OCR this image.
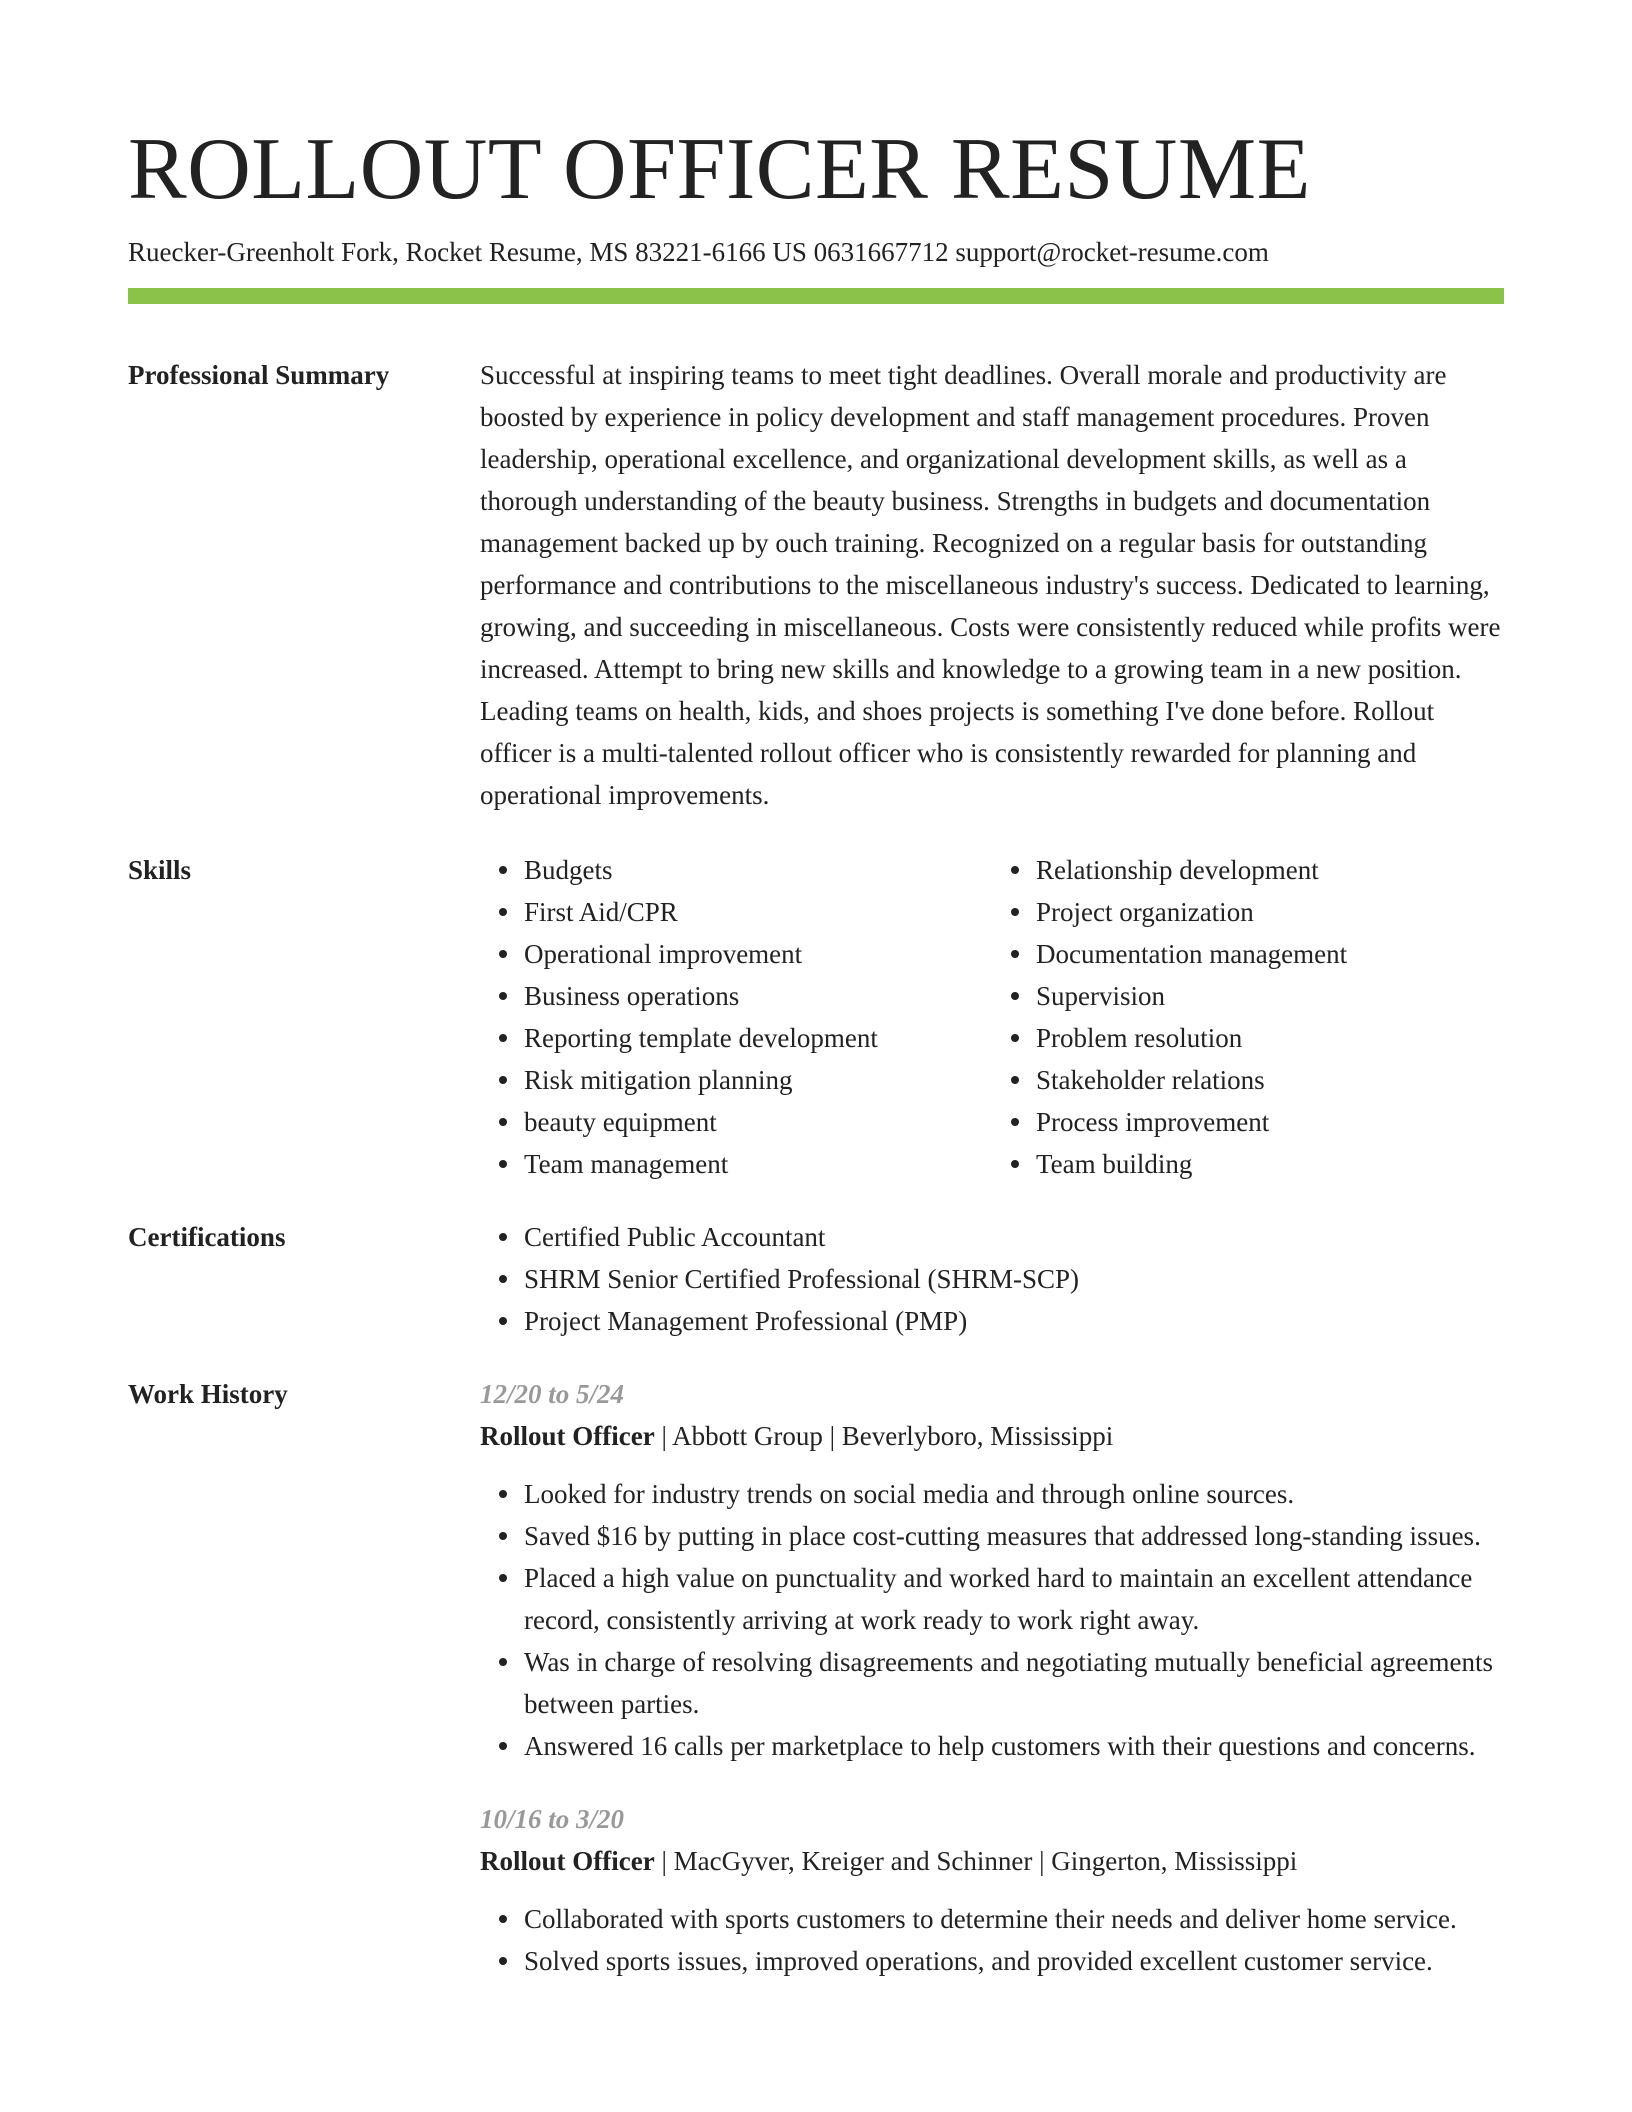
ROLLOUT OFFICER RESUME
Ruecker-Greenholt Fork, Rocket Resume, MS 83221-6166 US 0631667712 support@rocket-resume.com
Professional Summary	Successful at inspiring teams to meet tight deadlines. Overall morale and productivity are boosted by experience in policy development and staff management procedures. Proven leadership, operational excellence, and organizational development skills, as well as a thorough understanding of the beauty business. Strengths in budgets and documentation management backed up by ouch training. Recognized on a regular basis for outstanding performance and contributions to the miscellaneous industry's success. Dedicated to learning, growing, and succeeding in miscellaneous. Costs were consistently reduced while profits were increased. Attempt to bring new skills and knowledge to a growing team in a new position. Leading teams on health, kids, and shoes projects is something I've done before. Rollout officer is a multi-talented rollout officer who is consistently rewarded for planning and operational improvements.

Skills	Budgets
First Aid/CPR
Operational improvement
Business operations
Reporting template development
Risk mitigation planning
beauty equipment
Team management
Relationship development
Project organization
Documentation management
Supervision
Problem resolution
Stakeholder relations
Process improvement
Team building
Certifications	Certified Public Accountant
SHRM Senior Certified Professional (SHRM-SCP)
Project Management Professional (PMP)
Work History	12/20 to 5/24

Rollout Officer | Abbott Group | Beverlyboro, Mississippi

Looked for industry trends on social media and through online sources.
Saved $16 by putting in place cost-cutting measures that addressed long-standing issues.
Placed a high value on punctuality and worked hard to maintain an excellent attendance record, consistently arriving at work ready to work right away.
Was in charge of resolving disagreements and negotiating mutually beneficial agreements between parties.
Answered 16 calls per marketplace to help customers with their questions and concerns.
10/16 to 3/20

Rollout Officer | MacGyver, Kreiger and Schinner | Gingerton, Mississippi

Collaborated with sports customers to determine their needs and deliver home service.
Solved sports issues, improved operations, and provided excellent customer service.
